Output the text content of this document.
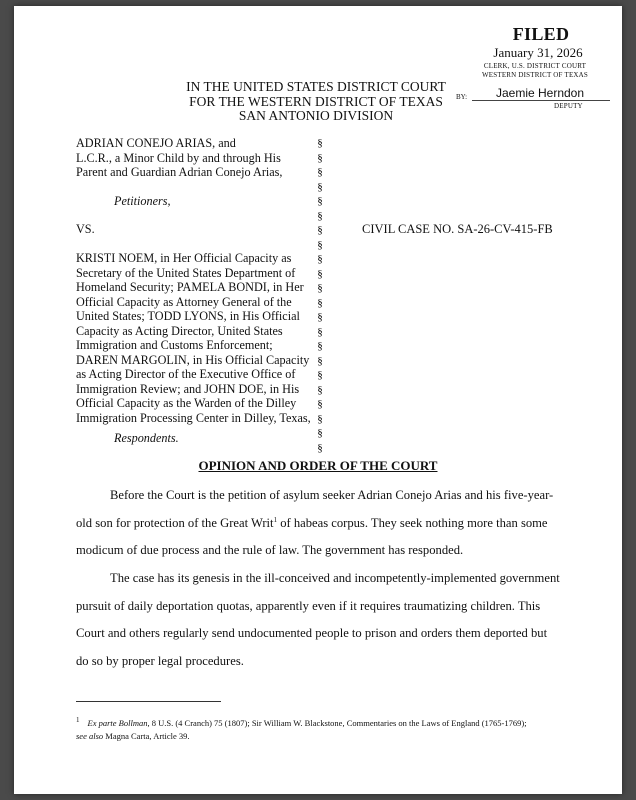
FILED
January 31, 2026
CLERK, U.S. DISTRICT COURT
WESTERN DISTRICT OF TEXAS
BY:	Jaemie Herndon
DEPUTY
IN THE UNITED STATES DISTRICT COURT
FOR THE WESTERN DISTRICT OF TEXAS
SAN ANTONIO DIVISION
ADRIAN CONEJO ARIAS, and
L.C.R., a Minor Child by and through His
Parent and Guardian Adrian Conejo Arias,
Petitioners,
VS.
KRISTI NOEM, in Her Official Capacity as
Secretary of the United States Department of
Homeland Security; PAMELA BONDI, in Her
Official Capacity as Attorney General of the
United States; TODD LYONS, in His Official
Capacity as Acting Director, United States
Immigration and Customs Enforcement;
DAREN MARGOLIN, in His Official Capacity
as Acting Director of the Executive Office of
Immigration Review; and JOHN DOE, in His
Official Capacity as the Warden of the Dilley
Immigration Processing Center in Dilley, Texas,
Respondents.
§
§
§
§
§
§
§
§
§
§
§
§
§
§
§
§
§
§
§
§
§
§
CIVIL CASE NO. SA-26-CV-415-FB
OPINION AND ORDER OF THE COURT
Before the Court is the petition of asylum seeker Adrian Conejo Arias and his five-year-old son for protection of the Great Writ$^1$ of habeas corpus. They seek nothing more than some modicum of due process and the rule of law. The government has responded.
The case has its genesis in the ill-conceived and incompetently-implemented government pursuit of daily deportation quotas, apparently even if it requires traumatizing children. This Court and others regularly send undocumented people to prison and orders them deported but do so by proper legal procedures.
$^1$ Ex parte Bollman, 8 U.S. (4 Cranch) 75 (1807); Sir William W. Blackstone, Commentaries on the Laws of England (1765-1769); see also Magna Carta, Article 39.
